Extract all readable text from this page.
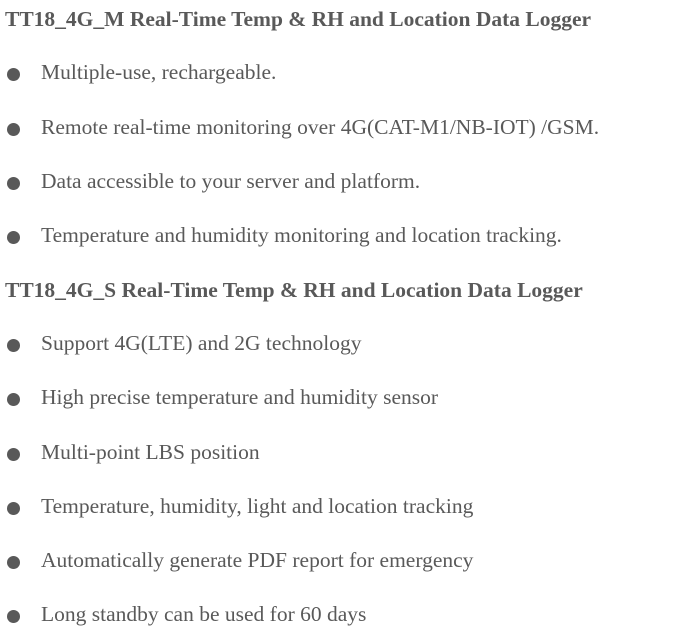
TT18_4G_M Real-Time Temp & RH and Location Data Logger
Multiple-use, rechargeable.
Remote real-time monitoring over 4G(CAT-M1/NB-IOT) /GSM.
Data accessible to your server and platform.
Temperature and humidity monitoring and location tracking.
TT18_4G_S Real-Time Temp & RH and Location Data Logger
Support 4G(LTE) and 2G technology
High precise temperature and humidity sensor
Multi-point LBS position
Temperature, humidity, light and location tracking
Automatically generate PDF report for emergency
Long standby can be used for 60 days
